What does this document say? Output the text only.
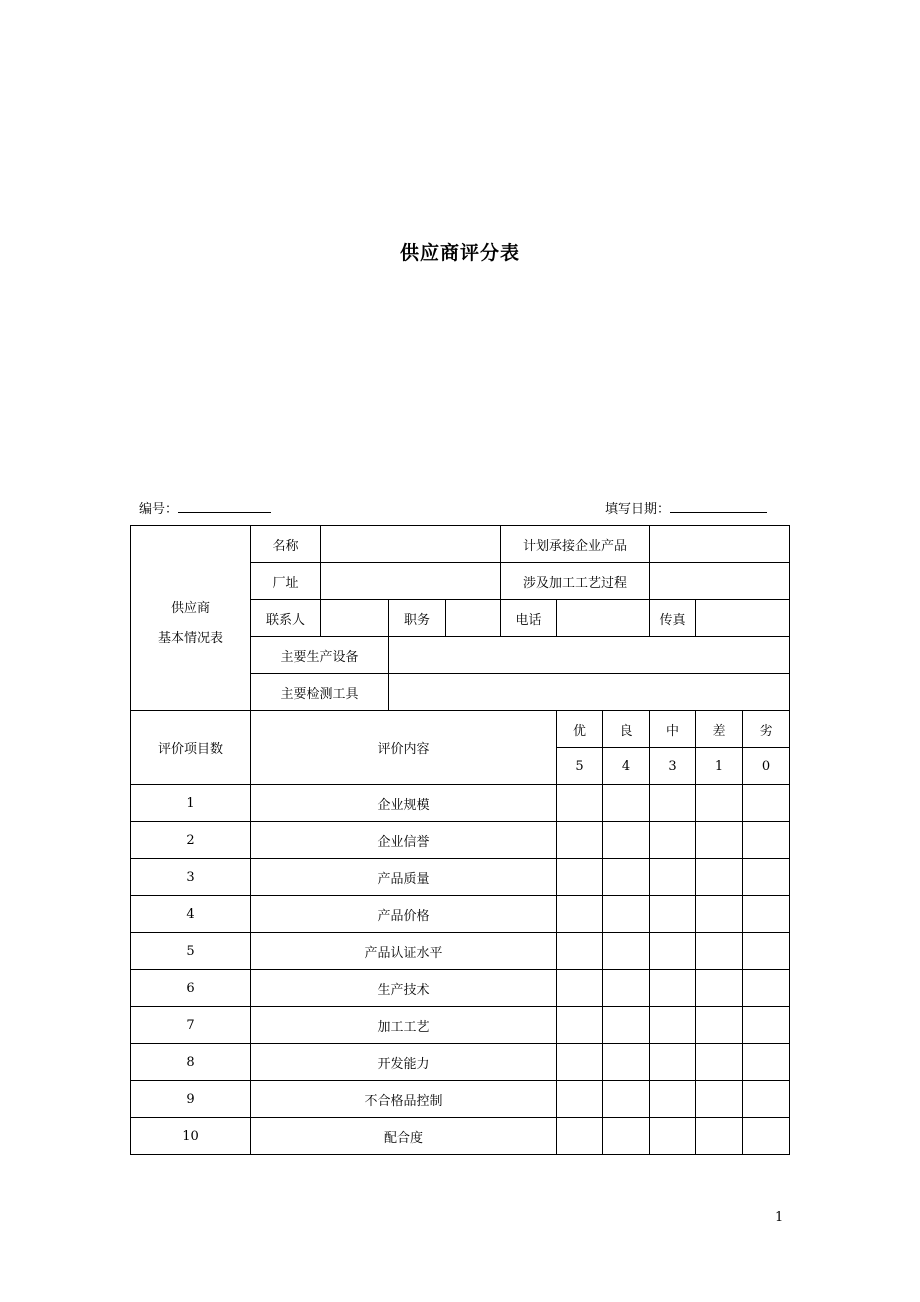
供应商评分表
编号：	填写日期：
供应商
基本情况表	名称				计划承接企业产品					
	厂址				涉及加工工艺过程					
	联系人		职务		电话			传真		
	主要生产设备									
	主要检测工具									
评价项目数	评价内容					优	良	中	差	劣
						5	4	3	1	0
1	企业规模									
2	企业信誉									
3	产品质量									
4	产品价格									
5	产品认证水平									
6	生产技术									
7	加工工艺									
8	开发能力									
9	不合格品控制									
10	配合度									
1
